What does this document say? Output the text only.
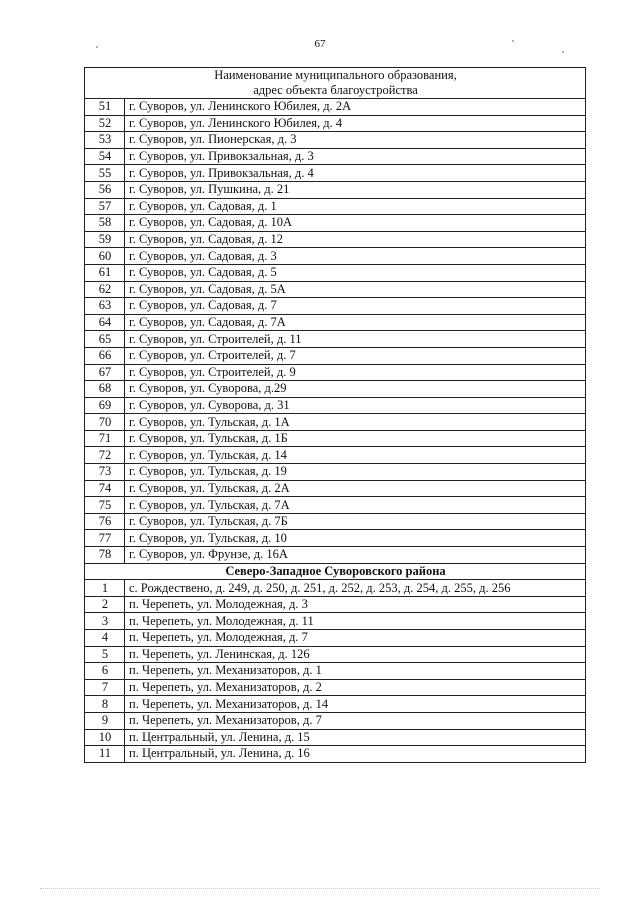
67
Наименование муниципального образования,
адрес объекта благоустройства	
51	г. Суворов, ул. Ленинского Юбилея, д. 2А
52	г. Суворов, ул. Ленинского Юбилея, д. 4
53	г. Суворов, ул. Пионерская, д. 3
54	г. Суворов, ул. Привокзальная, д. 3
55	г. Суворов, ул. Привокзальная, д. 4
56	г. Суворов, ул. Пушкина, д. 21
57	г. Суворов, ул. Садовая, д. 1
58	г. Суворов, ул. Садовая, д. 10А
59	г. Суворов, ул. Садовая, д. 12
60	г. Суворов, ул. Садовая, д. 3
61	г. Суворов, ул. Садовая, д. 5
62	г. Суворов, ул. Садовая, д. 5А
63	г. Суворов, ул. Садовая, д. 7
64	г. Суворов, ул. Садовая, д. 7А
65	г. Суворов, ул. Строителей, д. 11
66	г. Суворов, ул. Строителей, д. 7
67	г. Суворов, ул. Строителей, д. 9
68	г. Суворов, ул. Суворова, д.29
69	г. Суворов, ул. Суворова, д. 31
70	г. Суворов, ул. Тульская, д. 1А
71	г. Суворов, ул. Тульская, д. 1Б
72	г. Суворов, ул. Тульская, д. 14
73	г. Суворов, ул. Тульская, д. 19
74	г. Суворов, ул. Тульская, д. 2А
75	г. Суворов, ул. Тульская, д. 7А
76	г. Суворов, ул. Тульская, д. 7Б
77	г. Суворов, ул. Тульская, д. 10
78	г. Суворов, ул. Фрунзе, д. 16А
Северо-Западное Суворовского района	
1	с. Рождествено, д. 249, д. 250, д. 251, д. 252, д. 253, д. 254, д. 255, д. 256
2	п. Черепеть, ул. Молодежная, д. 3
3	п. Черепеть, ул. Молодежная, д. 11
4	п. Черепеть, ул. Молодежная, д. 7
5	п. Черепеть, ул. Ленинская, д. 126
6	п. Черепеть, ул. Механизаторов, д. 1
7	п. Черепеть, ул. Механизаторов, д. 2
8	п. Черепеть, ул. Механизаторов, д. 14
9	п. Черепеть, ул. Механизаторов, д. 7
10	п. Центральный, ул. Ленина, д. 15
11	п. Центральный, ул. Ленина, д. 16
